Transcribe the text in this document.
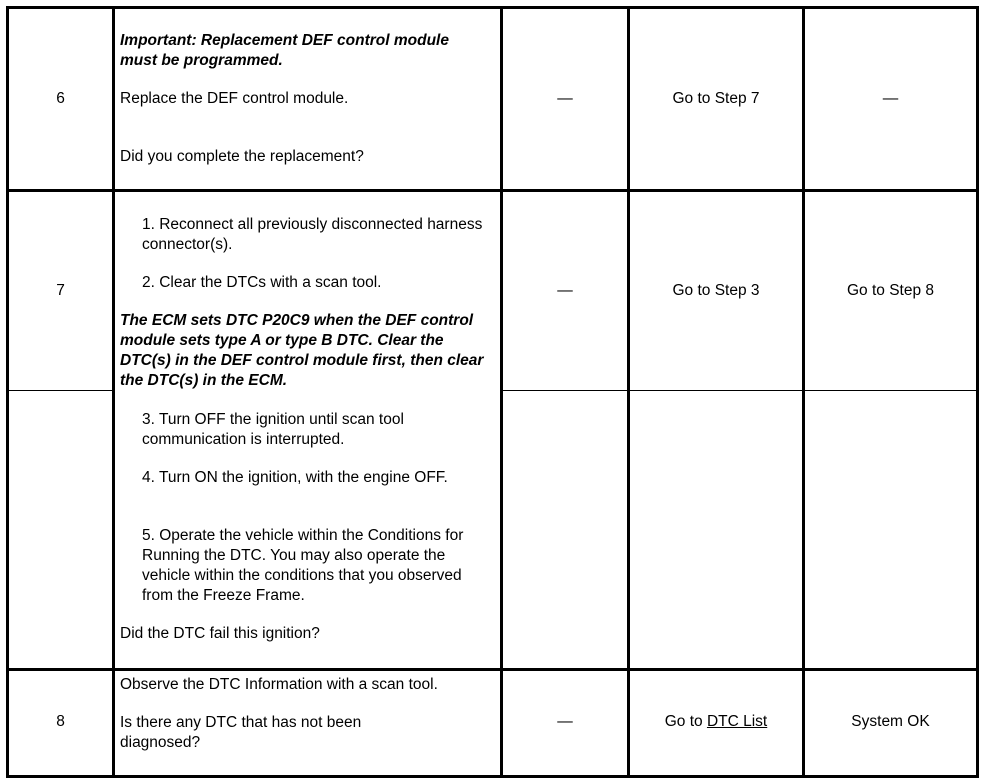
6
Important: Replacement DEF control module must be programmed.
Replace the DEF control module.
Did you complete the replacement?
—	Go to Step 7	—
7
1. Reconnect all previously disconnected harness connector(s).
2. Clear the DTCs with a scan tool.
The ECM sets DTC P20C9 when the DEF control module sets type A or type B DTC. Clear the DTC(s) in the DEF control module first, then clear the DTC(s) in the ECM.
3. Turn OFF the ignition until scan tool communication is interrupted.
4. Turn ON the ignition, with the engine OFF.
5. Operate the vehicle within the Conditions for Running the DTC. You may also operate the vehicle within the conditions that you observed from the Freeze Frame.
Did the DTC fail this ignition?
—	Go to Step 3	Go to Step 8
8
Observe the DTC Information with a scan tool.
Is there any DTC that has not been diagnosed?
—	Go to DTC List	System OK
